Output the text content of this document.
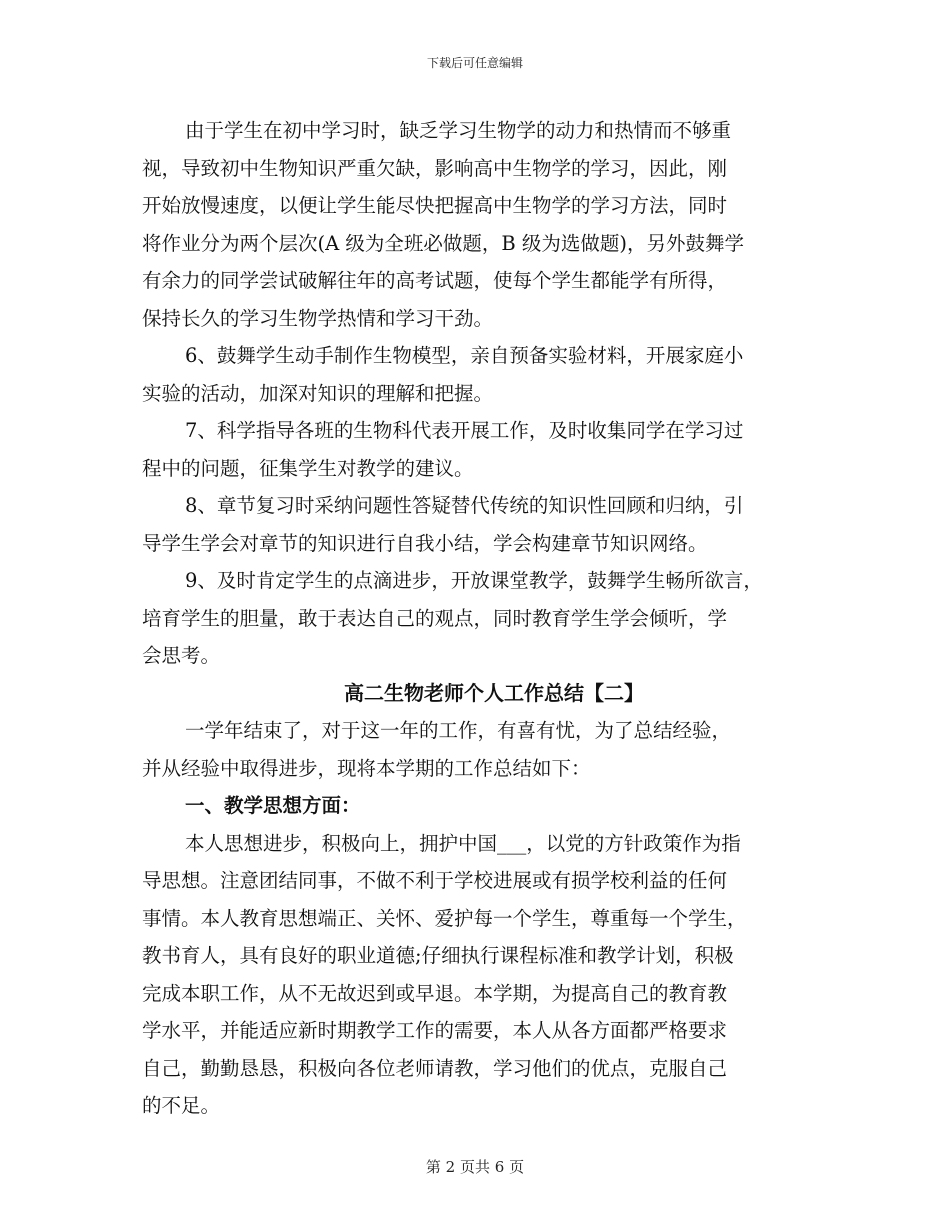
下载后可任意编辑
由于学生在初中学习时，缺乏学习生物学的动力和热情而不够重
视，导致初中生物知识严重欠缺，影响高中生物学的学习，因此，刚
开始放慢速度，以便让学生能尽快把握高中生物学的学习方法，同时
将作业分为两个层次(A 级为全班必做题，B 级为选做题)，另外鼓舞学
有余力的同学尝试破解往年的高考试题，使每个学生都能学有所得，
保持长久的学习生物学热情和学习干劲。
6、鼓舞学生动手制作生物模型，亲自预备实验材料，开展家庭小
实验的活动，加深对知识的理解和把握。
7、科学指导各班的生物科代表开展工作，及时收集同学在学习过
程中的问题，征集学生对教学的建议。
8、章节复习时采纳问题性答疑替代传统的知识性回顾和归纳，引
导学生学会对章节的知识进行自我小结，学会构建章节知识网络。
9、及时肯定学生的点滴进步，开放课堂教学，鼓舞学生畅所欲言，
培育学生的胆量，敢于表达自己的观点，同时教育学生学会倾听，学
会思考。
高二生物老师个人工作总结【二】
一学年结束了，对于这一年的工作，有喜有忧，为了总结经验，
并从经验中取得进步，现将本学期的工作总结如下：
一、教学思想方面：
本人思想进步，积极向上，拥护中国___，以党的方针政策作为指
导思想。注意团结同事，不做不利于学校进展或有损学校利益的任何
事情。本人教育思想端正、关怀、爱护每一个学生，尊重每一个学生，
教书育人，具有良好的职业道德;仔细执行课程标准和教学计划，积极
完成本职工作，从不无故迟到或早退。本学期，为提高自己的教育教
学水平，并能适应新时期教学工作的需要，本人从各方面都严格要求
自己，勤勤恳恳，积极向各位老师请教，学习他们的优点，克服自己
的不足。
第 2 页共 6 页
